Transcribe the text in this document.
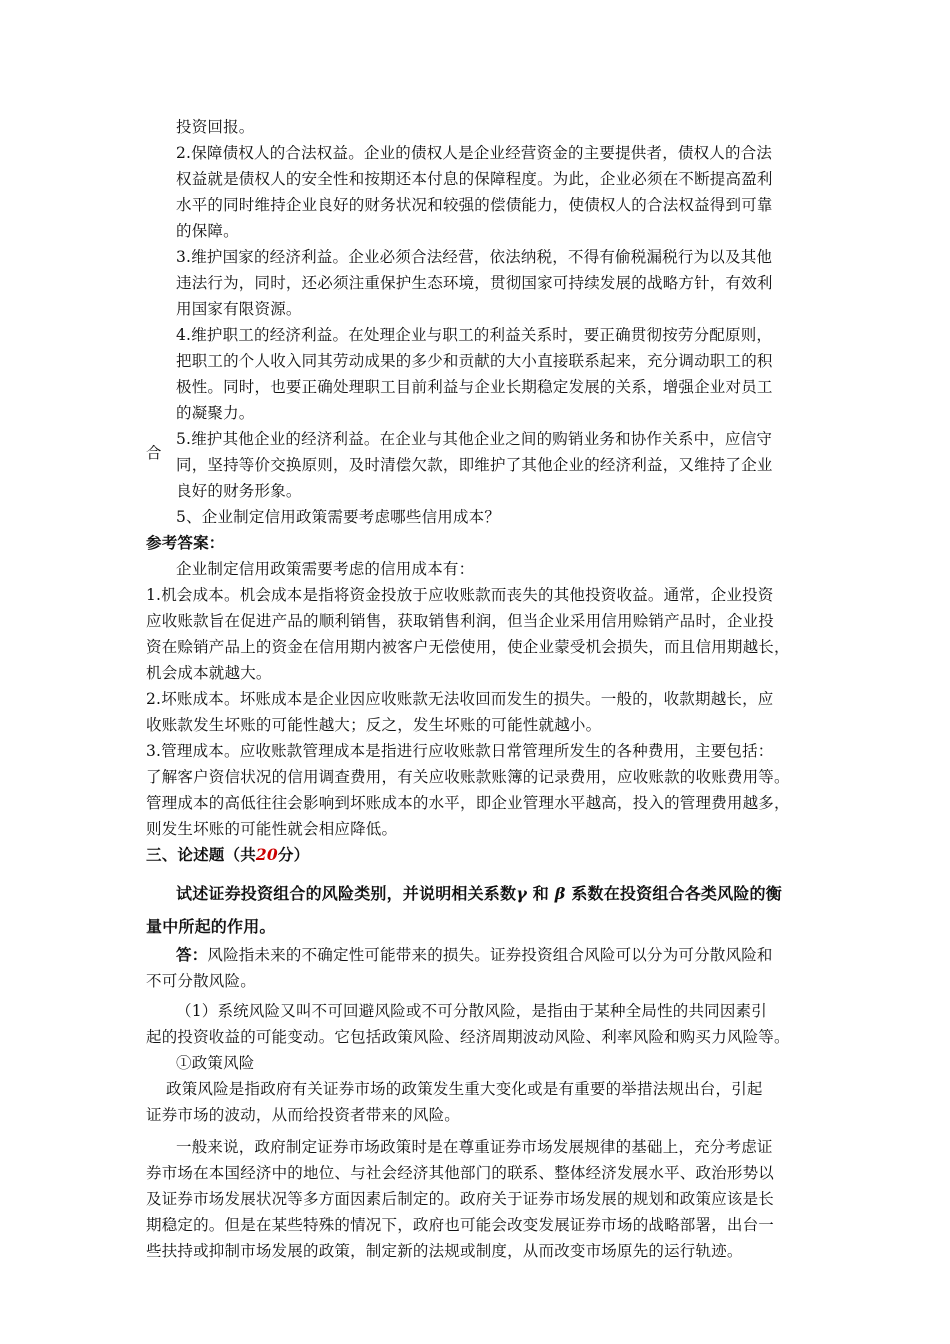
投资回报。
2.保障债权人的合法权益。企业的债权人是企业经营资金的主要提供者，债权人的合法
权益就是债权人的安全性和按期还本付息的保障程度。为此，企业必须在不断提高盈利
水平的同时维持企业良好的财务状况和较强的偿债能力，使债权人的合法权益得到可靠
的保障。
3.维护国家的经济利益。企业必须合法经营，依法纳税，不得有偷税漏税行为以及其他
违法行为，同时，还必须注重保护生态环境，贯彻国家可持续发展的战略方针，有效利
用国家有限资源。
4.维护职工的经济利益。在处理企业与职工的利益关系时，要正确贯彻按劳分配原则，
把职工的个人收入同其劳动成果的多少和贡献的大小直接联系起来，充分调动职工的积
极性。同时，也要正确处理职工目前利益与企业长期稳定发展的关系，增强企业对员工
的凝聚力。
5.维护其他企业的经济利益。在企业与其他企业之间的购销业务和协作关系中，应信守
合
同，坚持等价交换原则，及时清偿欠款，即维护了其他企业的经济利益，又维持了企业
良好的财务形象。
5、企业制定信用政策需要考虑哪些信用成本？
参考答案：
企业制定信用政策需要考虑的信用成本有：
1.机会成本。机会成本是指将资金投放于应收账款而丧失的其他投资收益。通常，企业投资
应收账款旨在促进产品的顺利销售，获取销售利润，但当企业采用信用赊销产品时，企业投
资在赊销产品上的资金在信用期内被客户无偿使用，使企业蒙受机会损失，而且信用期越长，
机会成本就越大。
2.坏账成本。坏账成本是企业因应收账款无法收回而发生的损失。一般的，收款期越长，应
收账款发生坏账的可能性越大；反之，发生坏账的可能性就越小。
3.管理成本。应收账款管理成本是指进行应收账款日常管理所发生的各种费用，主要包括：
了解客户资信状况的信用调查费用，有关应收账款账簿的记录费用，应收账款的收账费用等。
管理成本的高低往往会影响到坏账成本的水平，即企业管理水平越高，投入的管理费用越多，
则发生坏账的可能性就会相应降低。
三、论述题（共20分）
试述证券投资组合的风险类别，并说明相关系数γ 和 β 系数在投资组合各类风险的衡
量中所起的作用。
答：风险指未来的不确定性可能带来的损失。证券投资组合风险可以分为可分散风险和
不可分散风险。
（1）系统风险又叫不可回避风险或不可分散风险，是指由于某种全局性的共同因素引
起的投资收益的可能变动。它包括政策风险、经济周期波动风险、利率风险和购买力风险等。
①政策风险
政策风险是指政府有关证券市场的政策发生重大变化或是有重要的举措法规出台，引起
证券市场的波动，从而给投资者带来的风险。
一般来说，政府制定证券市场政策时是在尊重证券市场发展规律的基础上，充分考虑证
券市场在本国经济中的地位、与社会经济其他部门的联系、整体经济发展水平、政治形势以
及证券市场发展状况等多方面因素后制定的。政府关于证券市场发展的规划和政策应该是长
期稳定的。但是在某些特殊的情况下，政府也可能会改变发展证券市场的战略部署，出台一
些扶持或抑制市场发展的政策，制定新的法规或制度，从而改变市场原先的运行轨迹。
